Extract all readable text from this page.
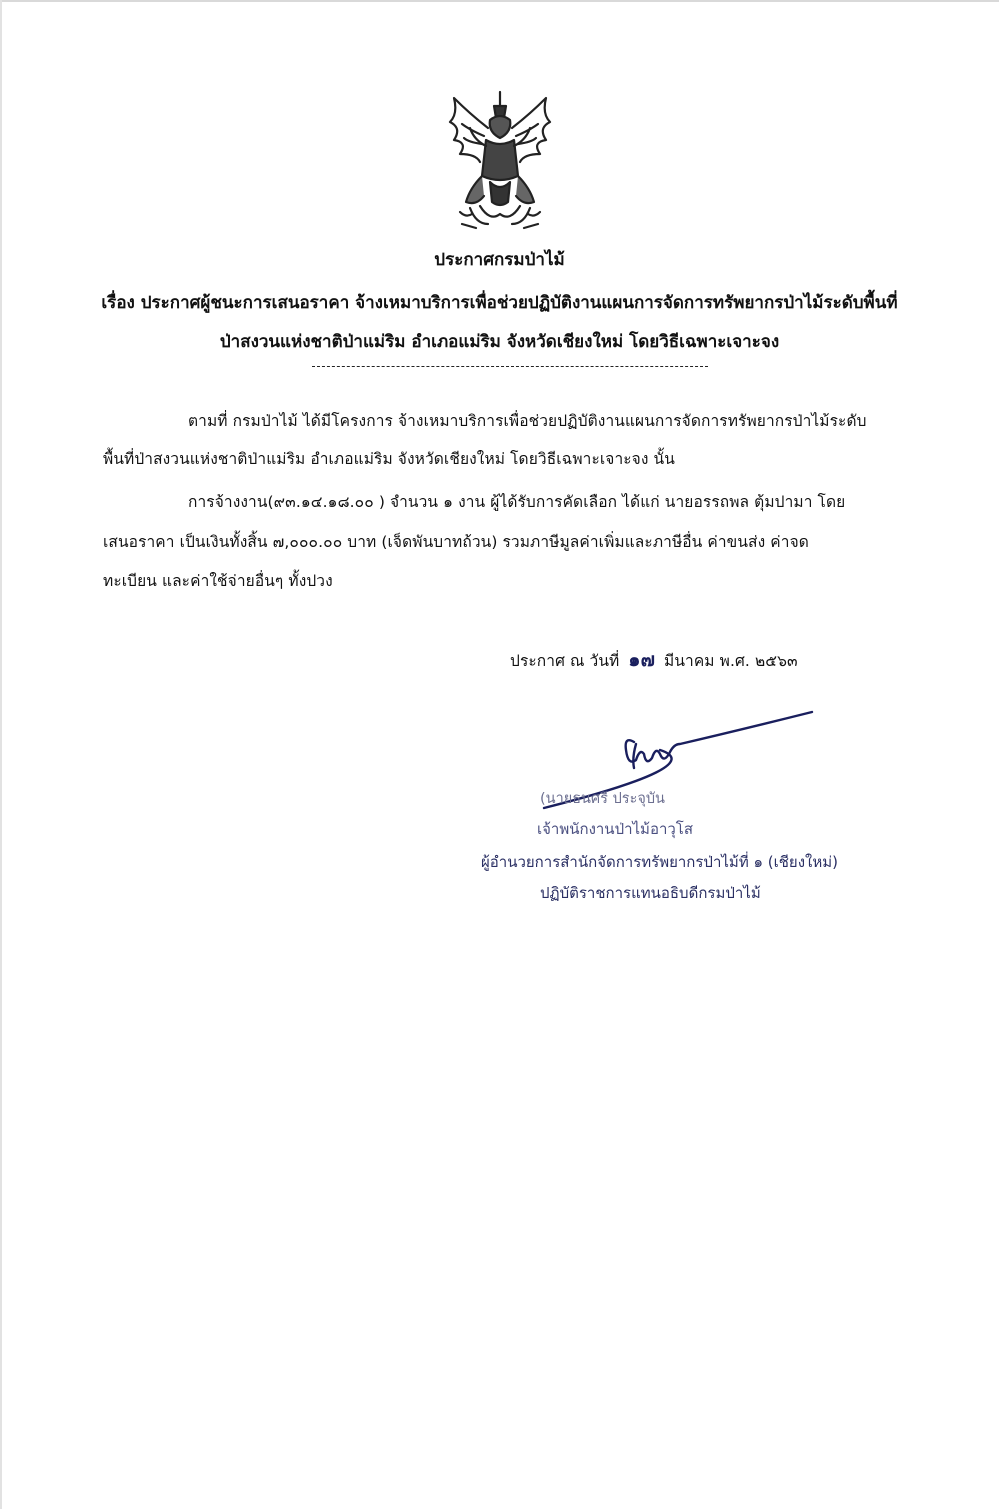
ประกาศกรมป่าไม้
เรื่อง ประกาศผู้ชนะการเสนอราคา จ้างเหมาบริการเพื่อช่วยปฏิบัติงานแผนการจัดการทรัพยากรป่าไม้ระดับพื้นที่
ป่าสงวนแห่งชาติป่าแม่ริม อำเภอแม่ริม จังหวัดเชียงใหม่ โดยวิธีเฉพาะเจาะจง
ตามที่ กรมป่าไม้ ได้มีโครงการ จ้างเหมาบริการเพื่อช่วยปฏิบัติงานแผนการจัดการทรัพยากรป่าไม้ระดับ
พื้นที่ป่าสงวนแห่งชาติป่าแม่ริม อำเภอแม่ริม จังหวัดเชียงใหม่ โดยวิธีเฉพาะเจาะจง นั้น
การจ้างงาน(๙๓.๑๔.๑๘.๐๐ ) จำนวน ๑ งาน ผู้ได้รับการคัดเลือก ได้แก่ นายอรรถพล ตุ้มปามา โดย
เสนอราคา เป็นเงินทั้งสิ้น ๗,๐๐๐.๐๐ บาท (เจ็ดพันบาทถ้วน) รวมภาษีมูลค่าเพิ่มและภาษีอื่น ค่าขนส่ง ค่าจด
ทะเบียน และค่าใช้จ่ายอื่นๆ ทั้งปวง
ประกาศ ณ วันที่ ๑๗ มีนาคม พ.ศ. ๒๕๖๓
(นายธนศรี ประจุบัน
เจ้าพนักงานป่าไม้อาวุโส
ผู้อำนวยการสำนักจัดการทรัพยากรป่าไม้ที่ ๑ (เชียงใหม่)
ปฏิบัติราชการแทนอธิบดีกรมป่าไม้
